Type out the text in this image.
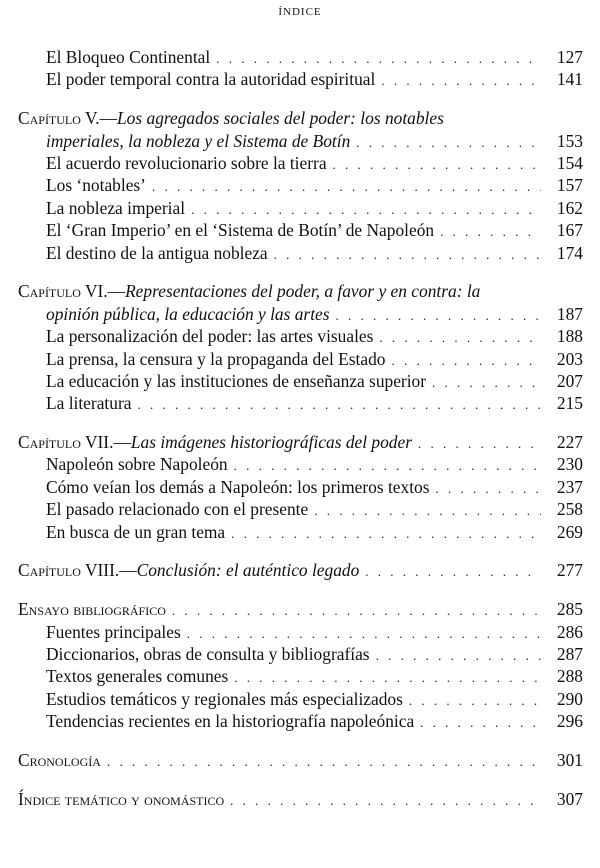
ÍNDICE
El Bloqueo Continental . . .	127
El poder temporal contra la autoridad espiritual . . .	141
Capítulo V.—Los agregados sociales del poder: los notables
imperiales, la nobleza y el Sistema de Botín . . .	153
El acuerdo revolucionario sobre la tierra . . .	154
Los ‘notables’ . . .	157
La nobleza imperial . . .	162
El ‘Gran Imperio’ en el ‘Sistema de Botín’ de Napoleón . . .	167
El destino de la antigua nobleza . . .	174
Capítulo VI.—Representaciones del poder, a favor y en contra: la
opinión pública, la educación y las artes . . .	187
La personalización del poder: las artes visuales . . .	188
La prensa, la censura y la propaganda del Estado . . .	203
La educación y las instituciones de enseñanza superior . . .	207
La literatura . . .	215
Capítulo VII.—Las imágenes historiográficas del poder . . .	227
Napoleón sobre Napoleón . . .	230
Cómo veían los demás a Napoleón: los primeros textos . . .	237
El pasado relacionado con el presente . . .	258
En busca de un gran tema . . .	269
Capítulo VIII.—Conclusión: el auténtico legado . . .	277
Ensayo bibliográfico . . .	285
Fuentes principales . . .	286
Diccionarios, obras de consulta y bibliografías . . .	287
Textos generales comunes . . .	288
Estudios temáticos y regionales más especializados . . .	290
Tendencias recientes en la historiografía napoleónica . . .	296
Cronología . . .	301
Índice temático y onomástico . . .	307
